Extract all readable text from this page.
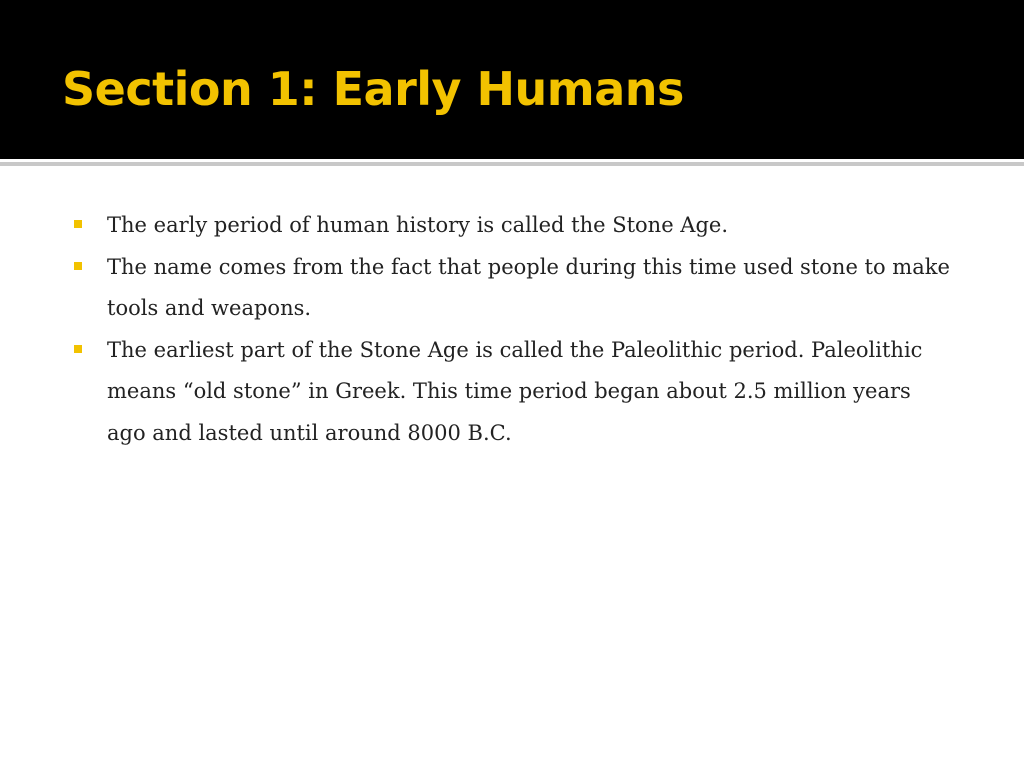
Section 1: Early Humans
The early period of human history is called the Stone Age.
The name comes from the fact that people during this time used stone to make tools and weapons.
The earliest part of the Stone Age is called the Paleolithic period. Paleolithic means “old stone” in Greek. This time period began about 2.5 million years ago and lasted until around 8000 B.C.
